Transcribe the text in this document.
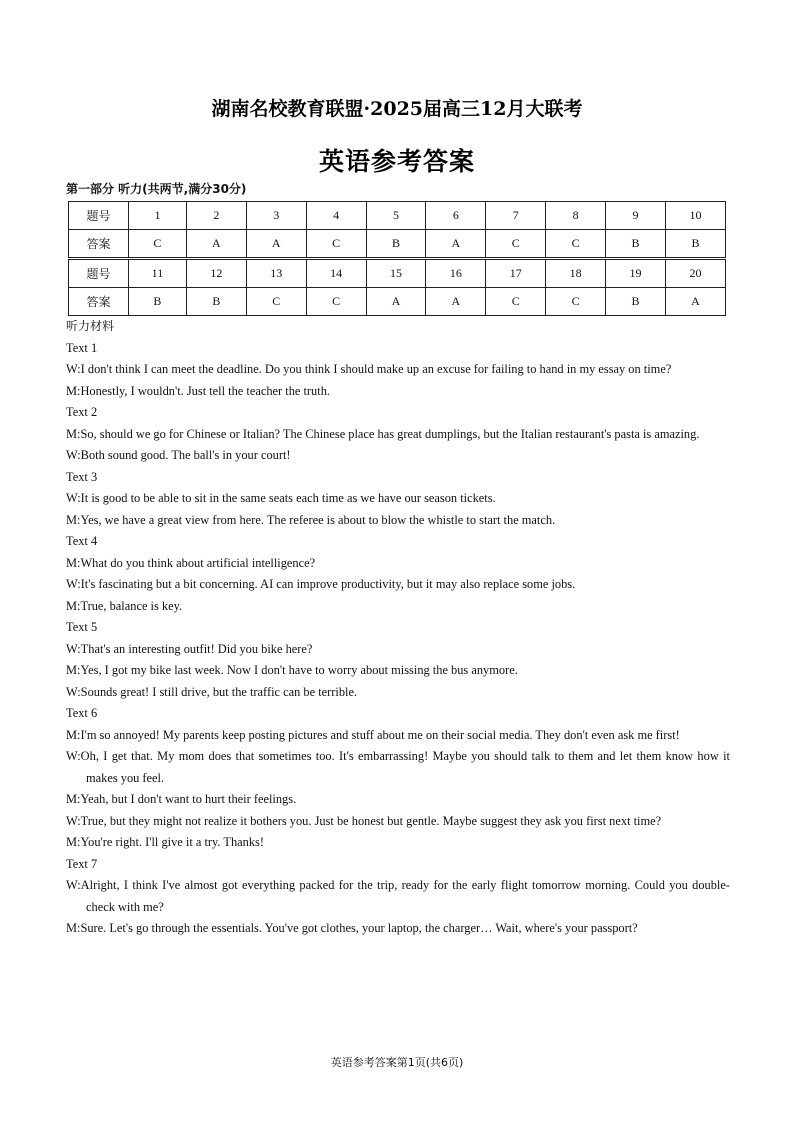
湖南名校教育联盟·2025届高三12月大联考
英语参考答案
第一部分 听力(共两节,满分30分)
题号	1	2	3	4	5	6	7	8	9	10
答案	C	A	A	C	B	A	C	C	B	B
题号	11	12	13	14	15	16	17	18	19	20
答案	B	B	C	C	A	A	C	C	B	A
听力材料
Text 1
W:I don't think I can meet the deadline. Do you think I should make up an excuse for failing to hand in my essay on time?
M:Honestly, I wouldn't. Just tell the teacher the truth.
Text 2
M:So, should we go for Chinese or Italian? The Chinese place has great dumplings, but the Italian restaurant's pasta is amazing.
W:Both sound good. The ball's in your court!
Text 3
W:It is good to be able to sit in the same seats each time as we have our season tickets.
M:Yes, we have a great view from here. The referee is about to blow the whistle to start the match.
Text 4
M:What do you think about artificial intelligence?
W:It's fascinating but a bit concerning. AI can improve productivity, but it may also replace some jobs.
M:True, balance is key.
Text 5
W:That's an interesting outfit! Did you bike here?
M:Yes, I got my bike last week. Now I don't have to worry about missing the bus anymore.
W:Sounds great! I still drive, but the traffic can be terrible.
Text 6
M:I'm so annoyed! My parents keep posting pictures and stuff about me on their social media. They don't even ask me first!
W:Oh, I get that. My mom does that sometimes too. It's embarrassing! Maybe you should talk to them and let them know how it makes you feel.
M:Yeah, but I don't want to hurt their feelings.
W:True, but they might not realize it bothers you. Just be honest but gentle. Maybe suggest they ask you first next time?
M:You're right. I'll give it a try. Thanks!
Text 7
W:Alright, I think I've almost got everything packed for the trip, ready for the early flight tomorrow morning. Could you double-check with me?
M:Sure. Let's go through the essentials. You've got clothes, your laptop, the charger… Wait, where's your passport?
英语参考答案第1页(共6页)
